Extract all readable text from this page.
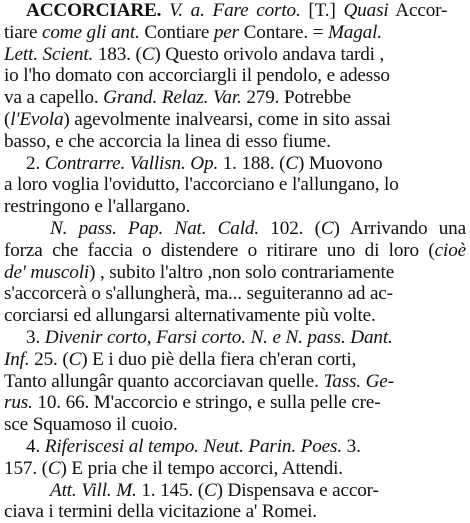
ACCORCIARE. V. a. Fare corto. [T.] Quasi Accor-
tiare come gli ant. Contiare per Contare. = Magal.
Lett. Scient. 183. (C) Questo orivolo andava tardi ,
io l'ho domato con accorciargli il pendolo, e adesso
va a capello. Grand. Relaz. Var. 279. Potrebbe
(l'Evola) agevolmente inalvearsi, come in sito assai
basso, e che accorcia la linea di esso fiume.
2. Contrarre. Vallisn. Op. 1. 188. (C) Muovono
a loro voglia l'ovidutto, l'accorciano e l'allungano, lo
restringono e l'allargano.
N. pass. Pap. Nat. Cald. 102. (C) Arrivando una
forza che faccia o distendere o ritirare uno di loro (cioè
de' muscoli) , subito l'altro ,non solo contrariamente
s'accorcerà o s'allungherà, ma... seguiteranno ad ac-
corciarsi ed allungarsi alternativamente più volte.
3. Divenir corto, Farsi corto. N. e N. pass. Dant.
Inf. 25. (C) E i duo piè della fiera ch'eran corti,
Tanto allungâr quanto accorciavan quelle. Tass. Ge-
rus. 10. 66. M'accorcio e stringo, e sulla pelle cre-
sce Squamoso il cuoio.
4. Riferiscesi al tempo. Neut. Parin. Poes. 3.
157. (C) E pria che il tempo accorci, Attendi.
Att. Vill. M. 1. 145. (C) Dispensava e accor-
ciava i termini della vicitazione a' Romei.
